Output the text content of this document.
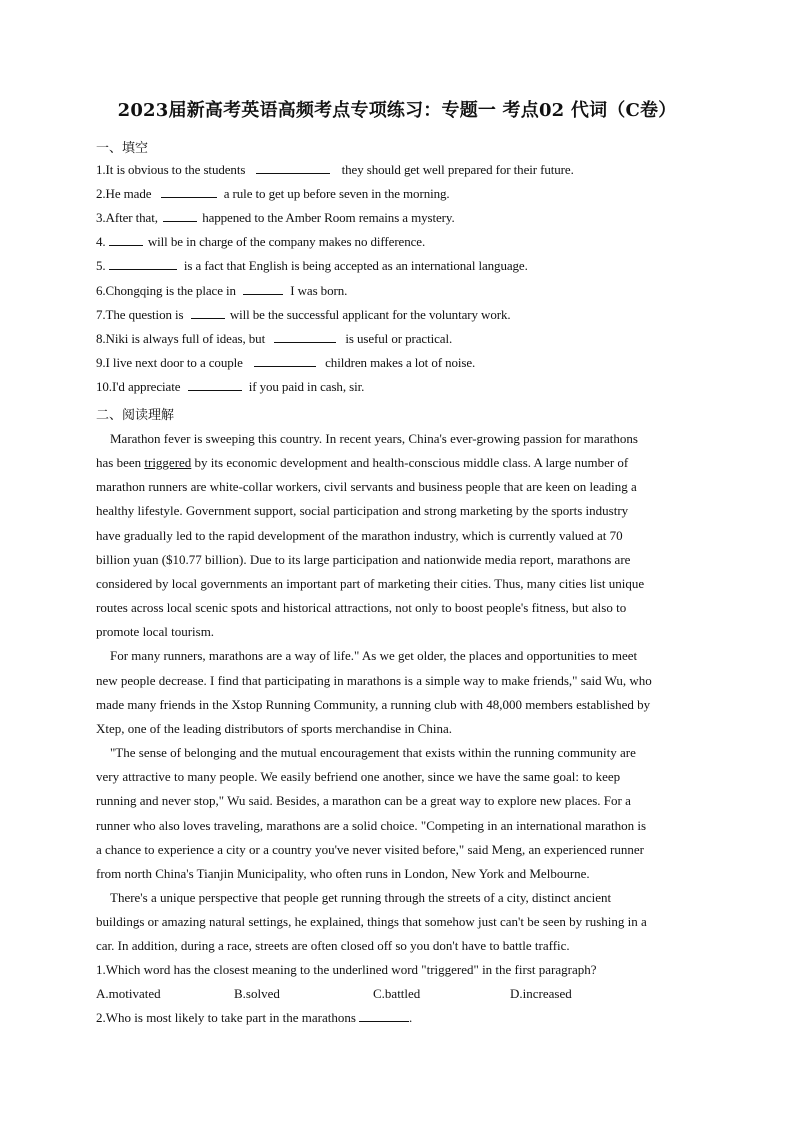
2023届新高考英语高频考点专项练习：专题一 考点02 代词（C卷）
一、填空
1.It is obvious to the students	they should get well prepared for their future.
2.He made	a rule to get up before seven in the morning.
3.After that,	happened to the Amber Room remains a mystery.
4.	will be in charge of the company makes no difference.
5.	is a fact that English is being accepted as an international language.
6.Chongqing is the place in	I was born.
7.The question is	will be the successful applicant for the voluntary work.
8.Niki is always full of ideas, but	is useful or practical.
9.I live next door to a couple	children makes a lot of noise.
10.I'd appreciate	if you paid in cash, sir.
二、阅读理解
Marathon fever is sweeping this country. In recent years, China's ever-growing passion for marathons
has been triggered by its economic development and health-conscious middle class. A large number of
marathon runners are white-collar workers, civil servants and business people that are keen on leading a
healthy lifestyle. Government support, social participation and strong marketing by the sports industry
have gradually led to the rapid development of the marathon industry, which is currently valued at 70
billion yuan ($10.77 billion). Due to its large participation and nationwide media report, marathons are
considered by local governments an important part of marketing their cities. Thus, many cities list unique
routes across local scenic spots and historical attractions, not only to boost people's fitness, but also to
promote local tourism.
For many runners, marathons are a way of life." As we get older, the places and opportunities to meet
new people decrease. I find that participating in marathons is a simple way to make friends," said Wu, who
made many friends in the Xstop Running Community, a running club with 48,000 members established by
Xtep, one of the leading distributors of sports merchandise in China.
"The sense of belonging and the mutual encouragement that exists within the running community are
very attractive to many people. We easily befriend one another, since we have the same goal: to keep
running and never stop," Wu said. Besides, a marathon can be a great way to explore new places. For a
runner who also loves traveling, marathons are a solid choice. "Competing in an international marathon is
a chance to experience a city or a country you've never visited before," said Meng, an experienced runner
from north China's Tianjin Municipality, who often runs in London, New York and Melbourne.
There's a unique perspective that people get running through the streets of a city, distinct ancient
buildings or amazing natural settings, he explained, things that somehow just can't be seen by rushing in a
car. In addition, during a race, streets are often closed off so you don't have to battle traffic.
1.Which word has the closest meaning to the underlined word "triggered" in the first paragraph?
A.motivated	B.solved	C.battled	D.increased
2.Who is most likely to take part in the marathons	.
